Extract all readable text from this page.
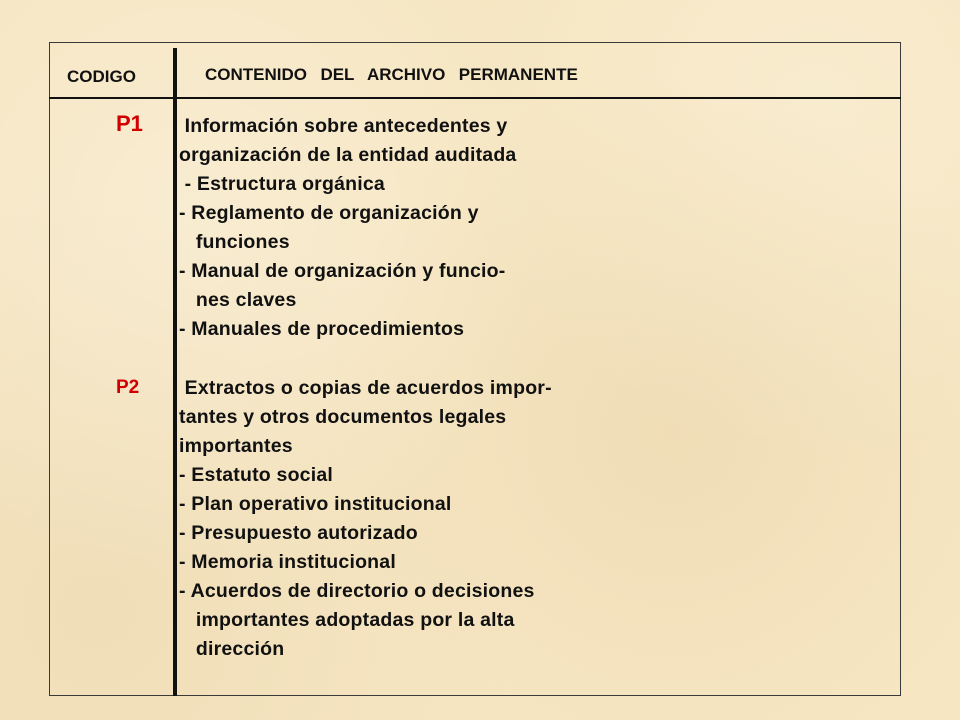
CODIGO	CONTENIDO  DEL  ARCHIVO  PERMANENTE
P1 Información sobre antecedentes y
organización de la entidad auditada
- Estructura orgánica
- Reglamento de organización y
funciones
- Manual de organización y funcio-
nes claves
- Manuales de procedimientos
P2 Extractos o copias de acuerdos impor-
tantes y otros documentos legales
importantes
- Estatuto social
- Plan operativo institucional
- Presupuesto autorizado
- Memoria institucional
- Acuerdos de directorio o decisiones
importantes adoptadas por la alta
dirección
